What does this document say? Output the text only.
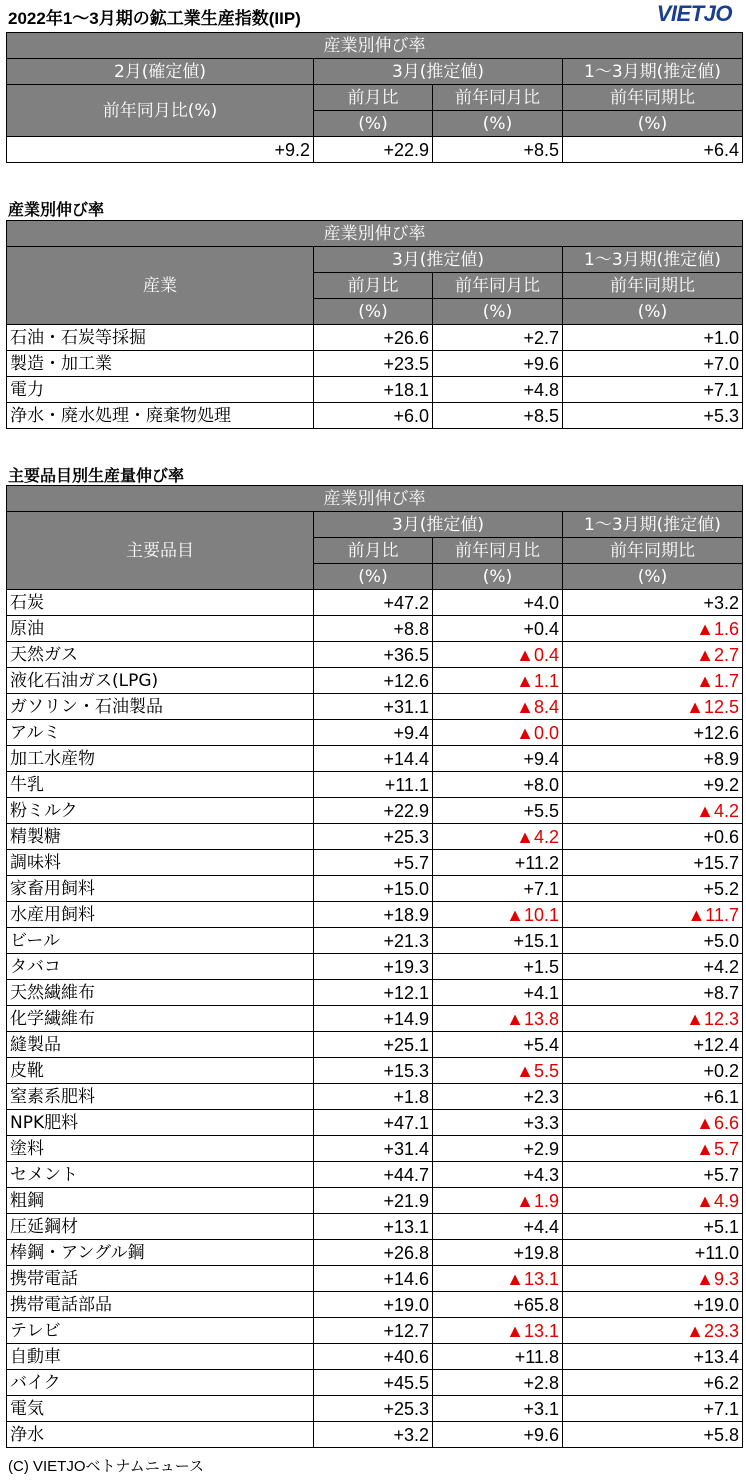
2022年1～3月期の鉱工業生産指数(IIP)	VIETJO
産業別伸び率			
2月(確定値)	3月(推定値)		1～3月期(推定値)
前年同月比(%)	前月比	前年同月比	前年同期比
	(%)	(%)	(%)
+9.2	+22.9	+8.5	+6.4
産業別伸び率
産業別伸び率			
産業	3月(推定値)		1～3月期(推定値)
	前月比	前年同月比	前年同期比
	(%)	(%)	(%)
石油・石炭等採掘	+26.6	+2.7	+1.0
製造・加工業	+23.5	+9.6	+7.0
電力	+18.1	+4.8	+7.1
浄水・廃水処理・廃棄物処理	+6.0	+8.5	+5.3
主要品目別生産量伸び率
産業別伸び率			
主要品目	3月(推定値)		1～3月期(推定値)
	前月比	前年同月比	前年同期比
	(%)	(%)	(%)
石炭	+47.2	+4.0	+3.2
原油	+8.8	+0.4	▲1.6
天然ガス	+36.5	▲0.4	▲2.7
液化石油ガス(LPG)	+12.6	▲1.1	▲1.7
ガソリン・石油製品	+31.1	▲8.4	▲12.5
アルミ	+9.4	▲0.0	+12.6
加工水産物	+14.4	+9.4	+8.9
牛乳	+11.1	+8.0	+9.2
粉ミルク	+22.9	+5.5	▲4.2
精製糖	+25.3	▲4.2	+0.6
調味料	+5.7	+11.2	+15.7
家畜用飼料	+15.0	+7.1	+5.2
水産用飼料	+18.9	▲10.1	▲11.7
ビール	+21.3	+15.1	+5.0
タバコ	+19.3	+1.5	+4.2
天然繊維布	+12.1	+4.1	+8.7
化学繊維布	+14.9	▲13.8	▲12.3
縫製品	+25.1	+5.4	+12.4
皮靴	+15.3	▲5.5	+0.2
窒素系肥料	+1.8	+2.3	+6.1
NPK肥料	+47.1	+3.3	▲6.6
塗料	+31.4	+2.9	▲5.7
セメント	+44.7	+4.3	+5.7
粗鋼	+21.9	▲1.9	▲4.9
圧延鋼材	+13.1	+4.4	+5.1
棒鋼・アングル鋼	+26.8	+19.8	+11.0
携帯電話	+14.6	▲13.1	▲9.3
携帯電話部品	+19.0	+65.8	+19.0
テレビ	+12.7	▲13.1	▲23.3
自動車	+40.6	+11.8	+13.4
バイク	+45.5	+2.8	+6.2
電気	+25.3	+3.1	+7.1
浄水	+3.2	+9.6	+5.8
(C) VIETJOベトナムニュース
